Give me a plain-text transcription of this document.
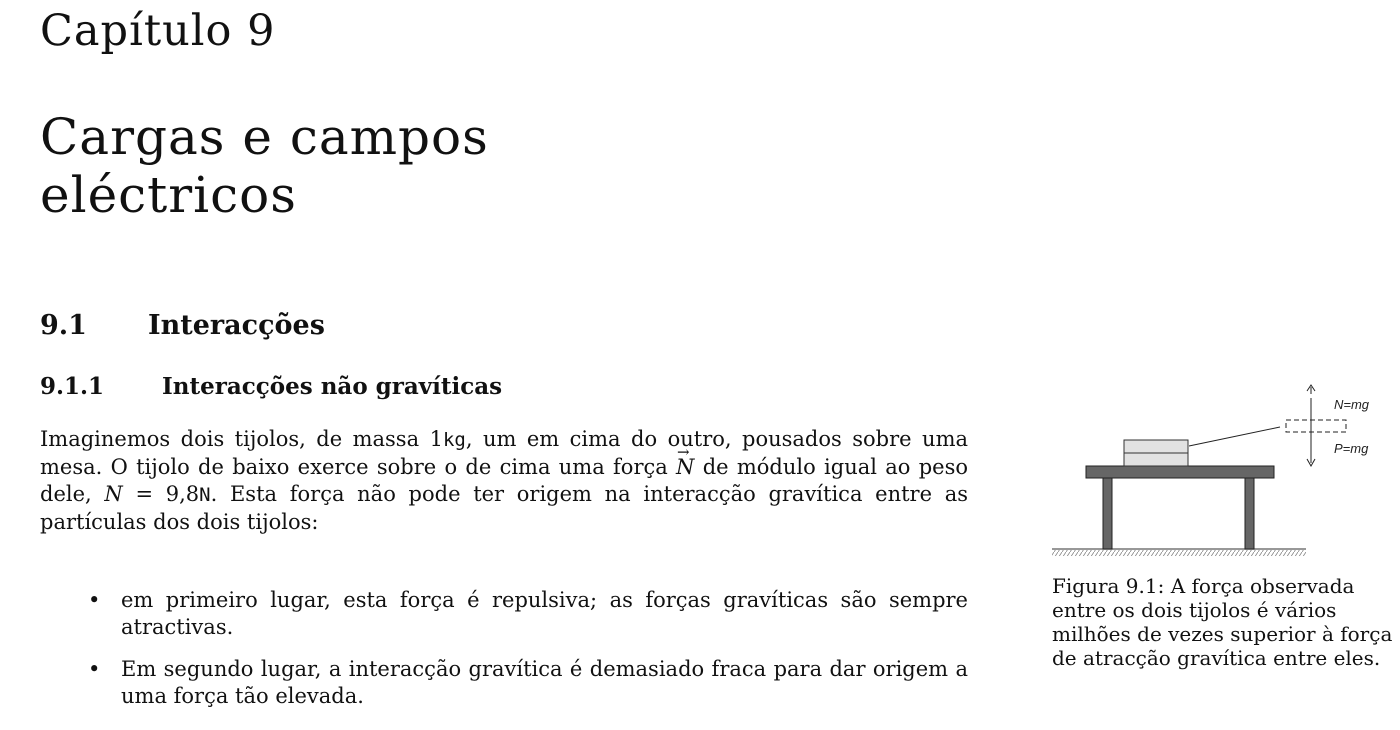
Capítulo 9
Cargas e campos
eléctricos
9.1 Interacções
9.1.1	Interacções não gravíticas
Imaginemos dois tijolos, de massa 1kg, um em cima do outro, pousados sobre uma mesa. O tijolo de baixo exerce sobre o de cima uma força → N de módulo igual ao peso dele, N = 9,8N. Esta força não pode ter origem na interacção gravítica entre as partículas dos dois tijolos:
• em primeiro lugar, esta força é repulsiva; as forças gravíticas são sempre atractivas.
• Em segundo lugar, a interacção gravítica é demasiado fraca para dar origem a uma força tão elevada.
N=mg
P=mg
Figura 9.1: A força observada entre os dois tijolos é vários milhões de vezes superior à força de atracção gravítica entre eles.
